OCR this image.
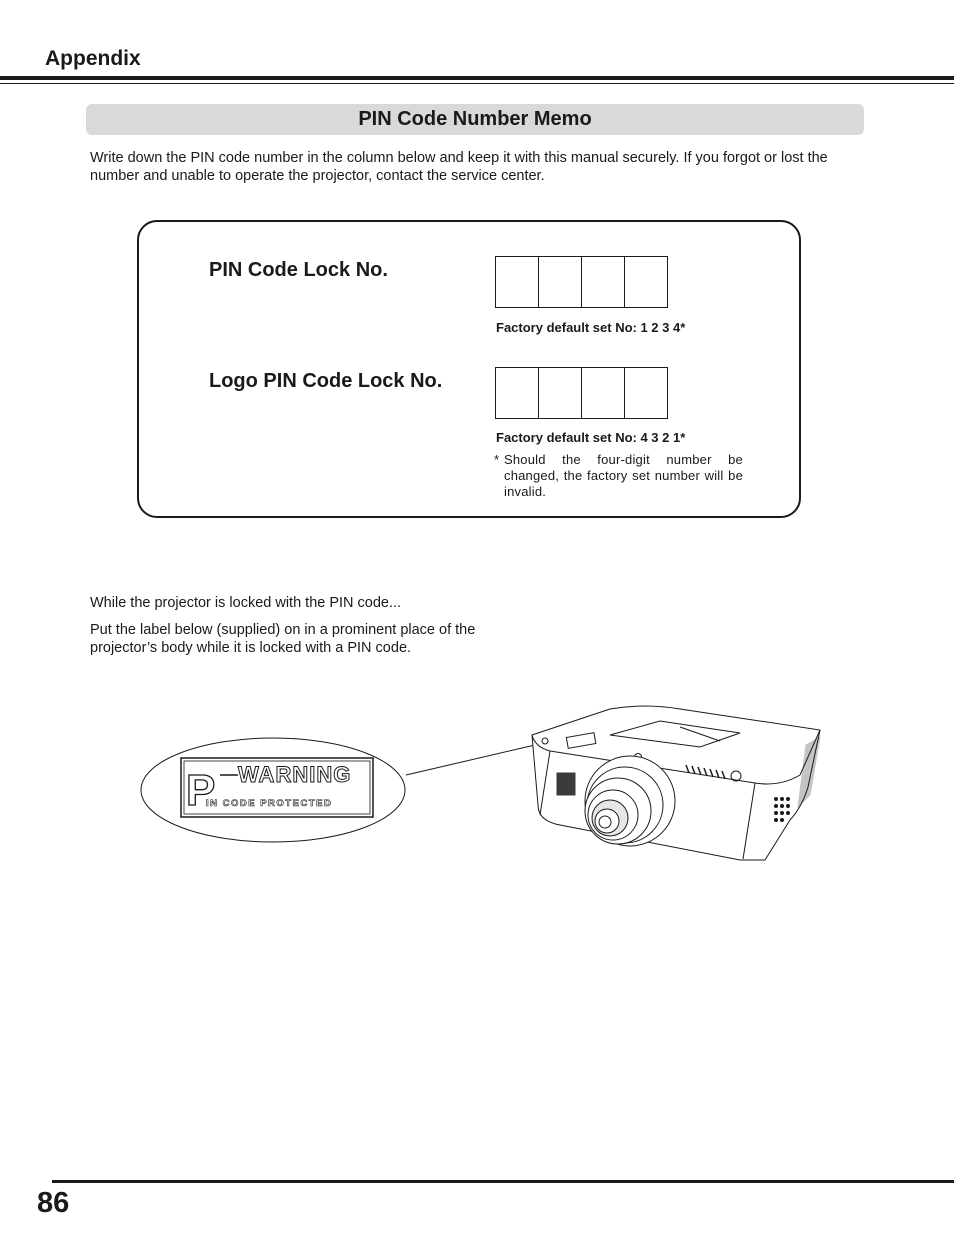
Appendix
PIN Code Number Memo
Write down the PIN code number in the column below and keep it with this manual securely. If you forgot or lost the number and unable to operate the projector, contact the service center.
PIN Code Lock No.
Factory default set No: 1 2 3 4*
Logo PIN Code Lock No.
Factory default set No: 4 3 2 1*
* Should the four-digit number be changed, the factory set number will be invalid.
While the projector is locked with the PIN code...
Put the label below (supplied) on in a prominent place of the projector’s body while it is locked with a PIN code.
P WARNING
IN CODE PROTECTED
86
